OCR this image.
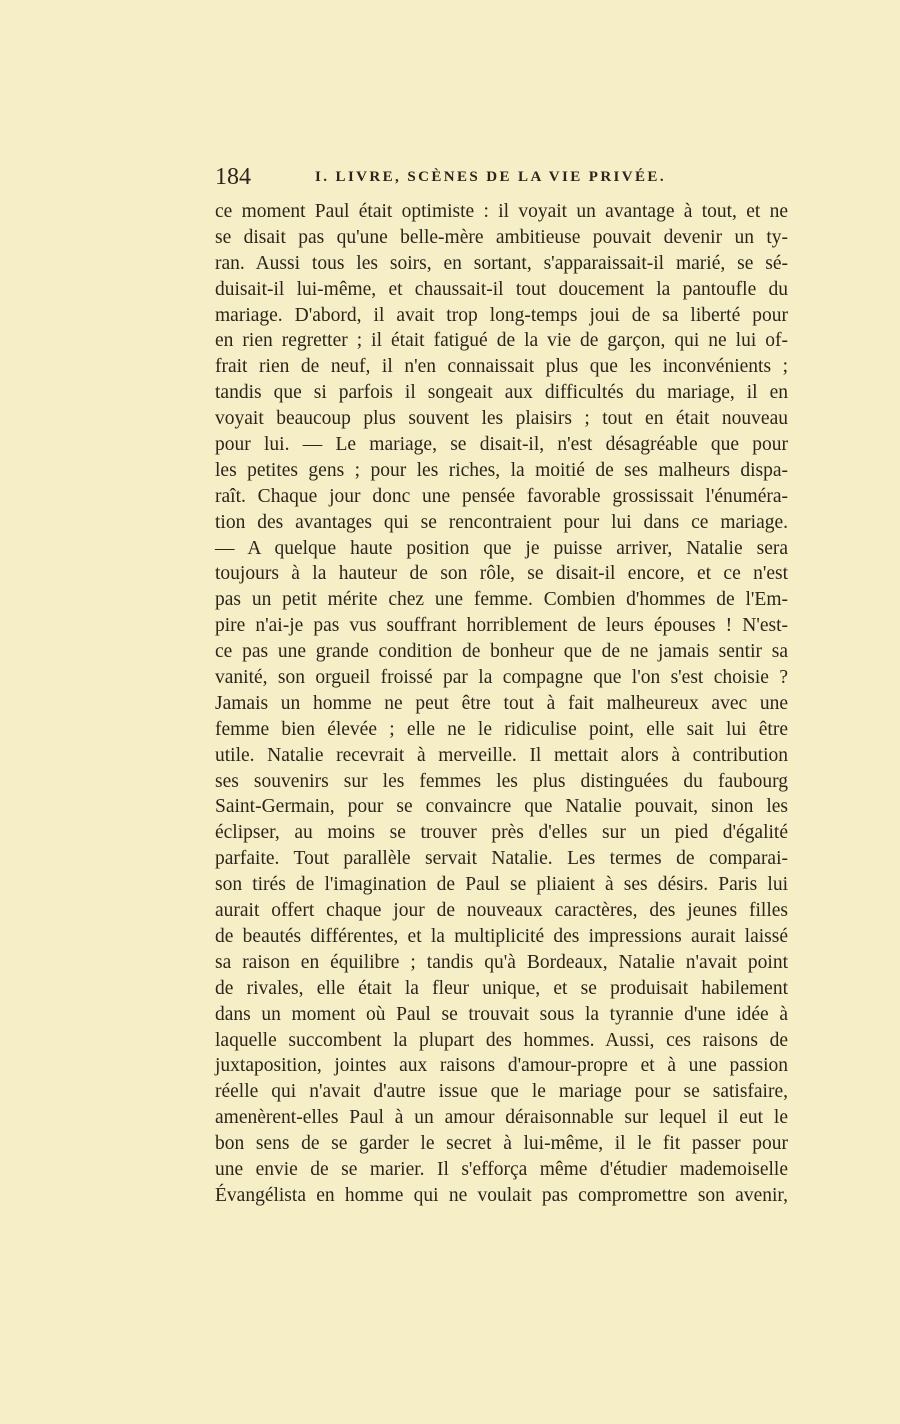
184	I. LIVRE, SCÈNES DE LA VIE PRIVÉE.
ce moment Paul était optimiste : il voyait un avantage à tout, et ne
se disait pas qu'une belle-mère ambitieuse pouvait devenir un ty-
ran. Aussi tous les soirs, en sortant, s'apparaissait-il marié, se sé-
duisait-il lui-même, et chaussait-il tout doucement la pantoufle du
mariage. D'abord, il avait trop long-temps joui de sa liberté pour
en rien regretter ; il était fatigué de la vie de garçon, qui ne lui of-
frait rien de neuf, il n'en connaissait plus que les inconvénients ;
tandis que si parfois il songeait aux difficultés du mariage, il en
voyait beaucoup plus souvent les plaisirs ; tout en était nouveau
pour lui. — Le mariage, se disait-il, n'est désagréable que pour
les petites gens ; pour les riches, la moitié de ses malheurs dispa-
raît. Chaque jour donc une pensée favorable grossissait l'énuméra-
tion des avantages qui se rencontraient pour lui dans ce mariage.
— A quelque haute position que je puisse arriver, Natalie sera
toujours à la hauteur de son rôle, se disait-il encore, et ce n'est
pas un petit mérite chez une femme. Combien d'hommes de l'Em-
pire n'ai-je pas vus souffrant horriblement de leurs épouses ! N'est-
ce pas une grande condition de bonheur que de ne jamais sentir sa
vanité, son orgueil froissé par la compagne que l'on s'est choisie ?
Jamais un homme ne peut être tout à fait malheureux avec une
femme bien élevée ; elle ne le ridiculise point, elle sait lui être
utile. Natalie recevrait à merveille. Il mettait alors à contribution
ses souvenirs sur les femmes les plus distinguées du faubourg
Saint-Germain, pour se convaincre que Natalie pouvait, sinon les
éclipser, au moins se trouver près d'elles sur un pied d'égalité
parfaite. Tout parallèle servait Natalie. Les termes de comparai-
son tirés de l'imagination de Paul se pliaient à ses désirs. Paris lui
aurait offert chaque jour de nouveaux caractères, des jeunes filles
de beautés différentes, et la multiplicité des impressions aurait laissé
sa raison en équilibre ; tandis qu'à Bordeaux, Natalie n'avait point
de rivales, elle était la fleur unique, et se produisait habilement
dans un moment où Paul se trouvait sous la tyrannie d'une idée à
laquelle succombent la plupart des hommes. Aussi, ces raisons de
juxtaposition, jointes aux raisons d'amour-propre et à une passion
réelle qui n'avait d'autre issue que le mariage pour se satisfaire,
amenèrent-elles Paul à un amour déraisonnable sur lequel il eut le
bon sens de se garder le secret à lui-même, il le fit passer pour
une envie de se marier. Il s'efforça même d'étudier mademoiselle
Évangélista en homme qui ne voulait pas compromettre son avenir,
